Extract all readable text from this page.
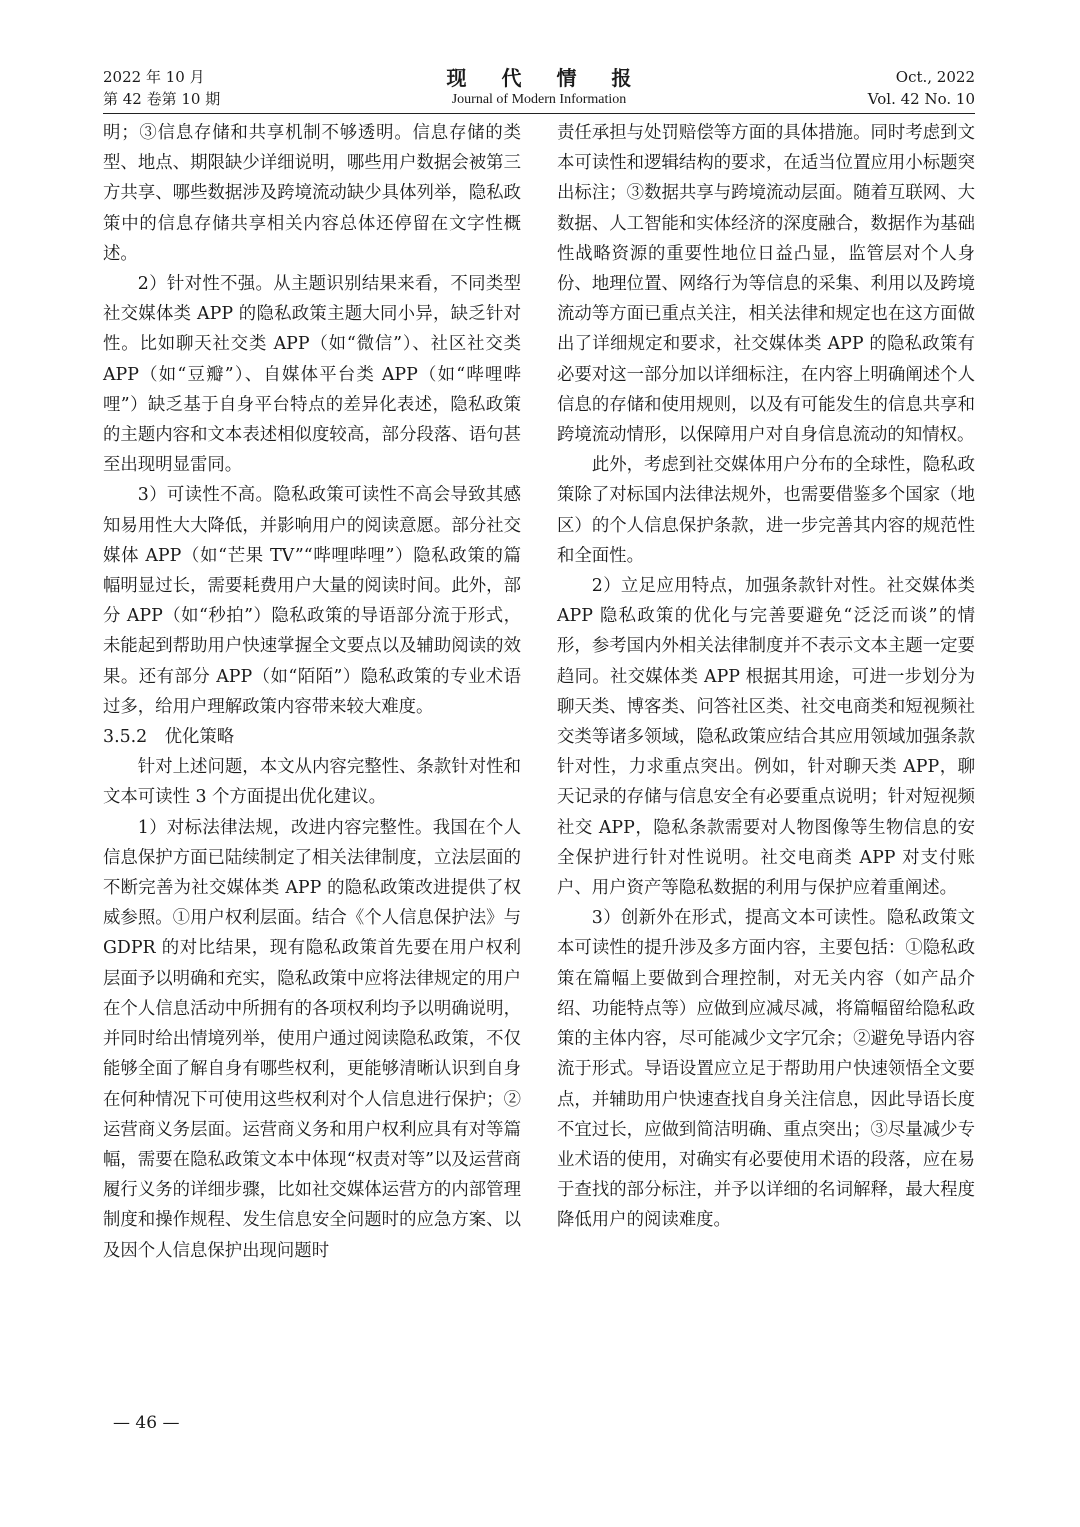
2022 年 10 月
第 42 卷第 10 期
现 代 情 报
Journal of Modern Information
Oct., 2022
Vol. 42 No. 10

明；③信息存储和共享机制不够透明。信息存储的类型、地点、期限缺少详细说明，哪些用户数据会被第三方共享、哪些数据涉及跨境流动缺少具体列举，隐私政策中的信息存储共享相关内容总体还停留在文字性概述。

2）针对性不强。从主题识别结果来看，不同类型社交媒体类 APP 的隐私政策主题大同小异，缺乏针对性。比如聊天社交类 APP（如“微信”）、社区社交类 APP（如“豆瓣”）、自媒体平台类 APP（如“哔哩哔哩”）缺乏基于自身平台特点的差异化表述，隐私政策的主题内容和文本表述相似度较高，部分段落、语句甚至出现明显雷同。

3）可读性不高。隐私政策可读性不高会导致其感知易用性大大降低，并影响用户的阅读意愿。部分社交媒体 APP（如“芒果 TV”“哔哩哔哩”）隐私政策的篇幅明显过长，需要耗费用户大量的阅读时间。此外，部分 APP（如“秒拍”）隐私政策的导语部分流于形式，未能起到帮助用户快速掌握全文要点以及辅助阅读的效果。还有部分 APP（如“陌陌”）隐私政策的专业术语过多，给用户理解政策内容带来较大难度。

3.5.2　优化策略

针对上述问题，本文从内容完整性、条款针对性和文本可读性 3 个方面提出优化建议。

1）对标法律法规，改进内容完整性。我国在个人信息保护方面已陆续制定了相关法律制度，立法层面的不断完善为社交媒体类 APP 的隐私政策改进提供了权威参照。①用户权利层面。结合《个人信息保护法》与 GDPR 的对比结果，现有隐私政策首先要在用户权利层面予以明确和充实，隐私政策中应将法律规定的用户在个人信息活动中所拥有的各项权利均予以明确说明，并同时给出情境列举，使用户通过阅读隐私政策，不仅能够全面了解自身有哪些权利，更能够清晰认识到自身在何种情况下可使用这些权利对个人信息进行保护；②运营商义务层面。运营商义务和用户权利应具有对等篇幅，需要在隐私政策文本中体现“权责对等”以及运营商履行义务的详细步骤，比如社交媒体运营方的内部管理制度和操作规程、发生信息安全问题时的应急方案、以及因个人信息保护出现问题时

责任承担与处罚赔偿等方面的具体措施。同时考虑到文本可读性和逻辑结构的要求，在适当位置应用小标题突出标注；③数据共享与跨境流动层面。随着互联网、大数据、人工智能和实体经济的深度融合，数据作为基础性战略资源的重要性地位日益凸显，监管层对个人身份、地理位置、网络行为等信息的采集、利用以及跨境流动等方面已重点关注，相关法律和规定也在这方面做出了详细规定和要求，社交媒体类 APP 的隐私政策有必要对这一部分加以详细标注，在内容上明确阐述个人信息的存储和使用规则，以及有可能发生的信息共享和跨境流动情形，以保障用户对自身信息流动的知情权。

此外，考虑到社交媒体用户分布的全球性，隐私政策除了对标国内法律法规外，也需要借鉴多个国家（地区）的个人信息保护条款，进一步完善其内容的规范性和全面性。

2）立足应用特点，加强条款针对性。社交媒体类 APP 隐私政策的优化与完善要避免“泛泛而谈”的情形，参考国内外相关法律制度并不表示文本主题一定要趋同。社交媒体类 APP 根据其用途，可进一步划分为聊天类、博客类、问答社区类、社交电商类和短视频社交类等诸多领域，隐私政策应结合其应用领域加强条款针对性，力求重点突出。例如，针对聊天类 APP，聊天记录的存储与信息安全有必要重点说明；针对短视频社交 APP，隐私条款需要对人物图像等生物信息的安全保护进行针对性说明。社交电商类 APP 对支付账户、用户资产等隐私数据的利用与保护应着重阐述。

3）创新外在形式，提高文本可读性。隐私政策文本可读性的提升涉及多方面内容，主要包括：①隐私政策在篇幅上要做到合理控制，对无关内容（如产品介绍、功能特点等）应做到应减尽减，将篇幅留给隐私政策的主体内容，尽可能减少文字冗余；②避免导语内容流于形式。导语设置应立足于帮助用户快速领悟全文要点，并辅助用户快速查找自身关注信息，因此导语长度不宜过长，应做到简洁明确、重点突出；③尽量减少专业术语的使用，对确实有必要使用术语的段落，应在易于查找的部分标注，并予以详细的名词解释，最大程度降低用户的阅读难度。

— 46 —
